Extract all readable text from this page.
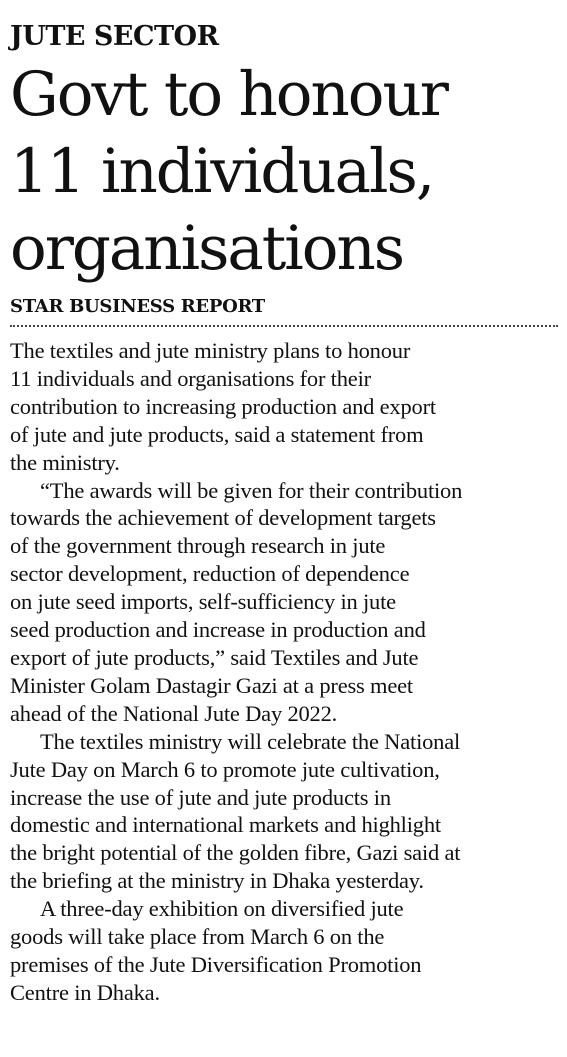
JUTE SECTOR
Govt to honour
11 individuals,
organisations
STAR BUSINESS REPORT

The textiles and jute ministry plans to honour
11 individuals and organisations for their
contribution to increasing production and export
of jute and jute products, said a statement from
the ministry.

“The awards will be given for their contribution
towards the achievement of development targets
of the government through research in jute
sector development, reduction of dependence
on jute seed imports, self-sufficiency in jute
seed production and increase in production and
export of jute products,” said Textiles and Jute
Minister Golam Dastagir Gazi at a press meet
ahead of the National Jute Day 2022.

The textiles ministry will celebrate the National
Jute Day on March 6 to promote jute cultivation,
increase the use of jute and jute products in
domestic and international markets and highlight
the bright potential of the golden fibre, Gazi said at
the briefing at the ministry in Dhaka yesterday.

A three-day exhibition on diversified jute
goods will take place from March 6 on the
premises of the Jute Diversification Promotion
Centre in Dhaka.
